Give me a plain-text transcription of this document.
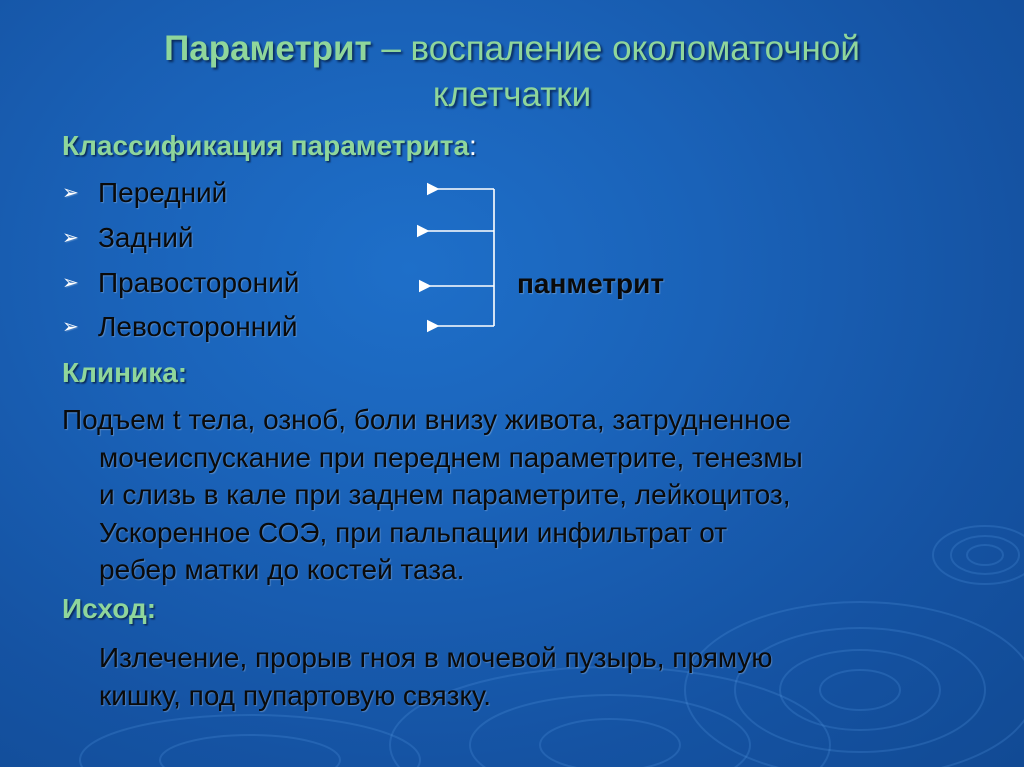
Параметрит – воспаление околоматочной
клетчатки
Классификация параметрита:
➢ Передний
➢ Задний
➢ Правостороний
➢ Левосторонний
панметрит
Клиника:
Подъем t тела, озноб, боли внизу живота, затрудненное
мочеиспускание при переднем параметрите, тенезмы
и слизь в кале при заднем параметрите, лейкоцитоз,
Ускоренное СОЭ, при пальпации инфильтрат от
ребер матки до костей таза.
Исход:
Излечение, прорыв гноя в мочевой пузырь, прямую
кишку, под пупартовую связку.
